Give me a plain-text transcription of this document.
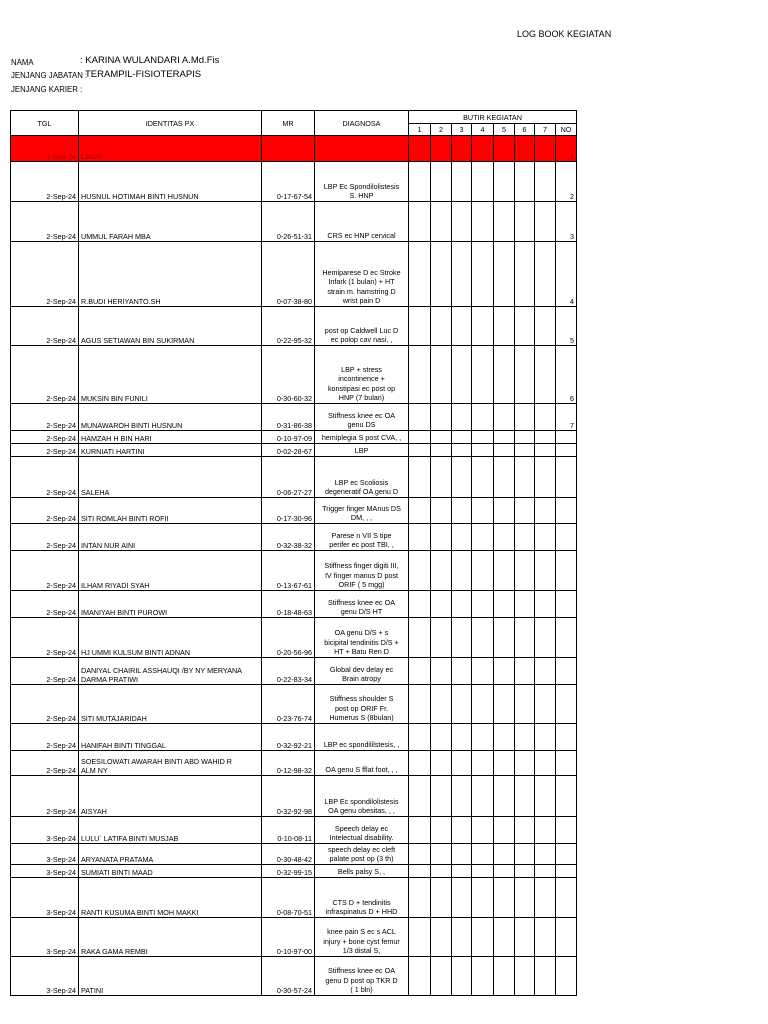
LOG BOOK KEGIATAN
NAMA	: KARINA WULANDARI A.Md.Fis
JENJANG JABATAN :
TERAMPIL-FISIOTERAPIS
JENJANG KARIER :
TGL	IDENTITAS PX	MR	DIAGNOSA	BUTIR KEGIATAN							
				1	2	3	4	5	6	7	NO
1-Sep-24	LIBUR										1
2-Sep-24	HUSNUL HOTIMAH BINTI HUSNUN	0-17-67-54	LBP Ec Spondilolistesis
S. HNP								2
2-Sep-24	UMMUL FARAH MBA	0-26-51-31	CRS ec HNP cervical								3
2-Sep-24	R.BUDI HERIYANTO.SH	0-07-38-80	Hemiparese D ec Stroke
Infark (1 bulan) + HT
strain m. hamstring D
wrist pain D								4
2-Sep-24	AGUS SETIAWAN BIN SUKIRMAN	0-22-95-32	post op Caldwell Luc D
ec polop cav nasi, ,								5
2-Sep-24	MUKSIN BIN FUNILI	0-30-60-32	LBP + stress
incontinence +
konstipasi ec post op
HNP (7 bulan)								6
2-Sep-24	MUNAWAROH BINTI HUSNUN	0-31-86-38	Stiffness knee ec OA
genu DS								7
2-Sep-24	HAMZAH H BIN HARI	0-10-97-09	hemiplegia S post CVA, ,								

2-Sep-24	KURNIATI HARTINI	0-02-28-67	LBP								

2-Sep-24	SALEHA	0-06-27-27	LBP ec Scoliosis
degeneratif OA genu D								

2-Sep-24	SITI ROMLAH BINTI ROFII	0-17-30-96	Trigger finger MAnus DS
DM, , ,								

2-Sep-24	INTAN NUR AINI	0-32-38-32	Parese n VII S tipe
perifer ec post TBI, ,								

2-Sep-24	ILHAM RIYADI SYAH	0-13-67-61	Stiffness finger digiti III,
IV finger manus D post
ORIF ( 5 mgg)								

2-Sep-24	IMANIYAH BINTI PUROWI	0-18-48-63	Stiffness knee ec OA
genu D/S HT								

2-Sep-24	HJ UMMI KULSUM BINTI ADNAN	0-20-56-96	OA genu D/S + s
bicipital tendinitis D/S +
HT + Batu Ren D								

2-Sep-24	DANIYAL CHAIRIL ASSHAUQI /BY NY MERYANA
DARMA PRATIWI	0-22-83-34	Global dev delay ec
Brain atropy								

2-Sep-24	SITI MUTAJARIDAH	0-23-76-74	Stiffness shoulder S
post op ORIF Fr.
Humerus S (8bulan)								

2-Sep-24	HANIFAH BINTI TINGGAL	0-32-92-21	LBP ec spondililstesis, ,								

2-Sep-24	SOESILOWATI AWARAH BINTI ABD WAHID R
ALM NY	0-12-98-32	OA genu S fflat foot, , ,								

2-Sep-24	AISYAH	0-32-92-98	LBP Ec spondilolistesis
OA genu obesitas, , ,								

3-Sep-24	LULU` LATIFA BINTI MUSJAB	0-10-08-11	Speech delay ec
Intelectual disability.								

3-Sep-24	ARYANATA PRATAMA	0-30-48-42	speech delay ec cleft
palate post op (3 th)								

3-Sep-24	SUMIATI BINTI MAAD	0-32-99-15	Bells palsy S, ,								

3-Sep-24	RANTI KUSUMA BINTI MOH MAKKI	0-08-70-51	CTS D + tendinitis
infraspinatus D + HHD								

3-Sep-24	RAKA GAMA REMBI	0-10-97-00	knee pain S ec s ACL
injury + bone cyst femur
1/3 distal S,								

3-Sep-24	PATINI	0-30-57-24	Stiffness knee ec OA
genu D post op TKR D
( 1 bln)								
